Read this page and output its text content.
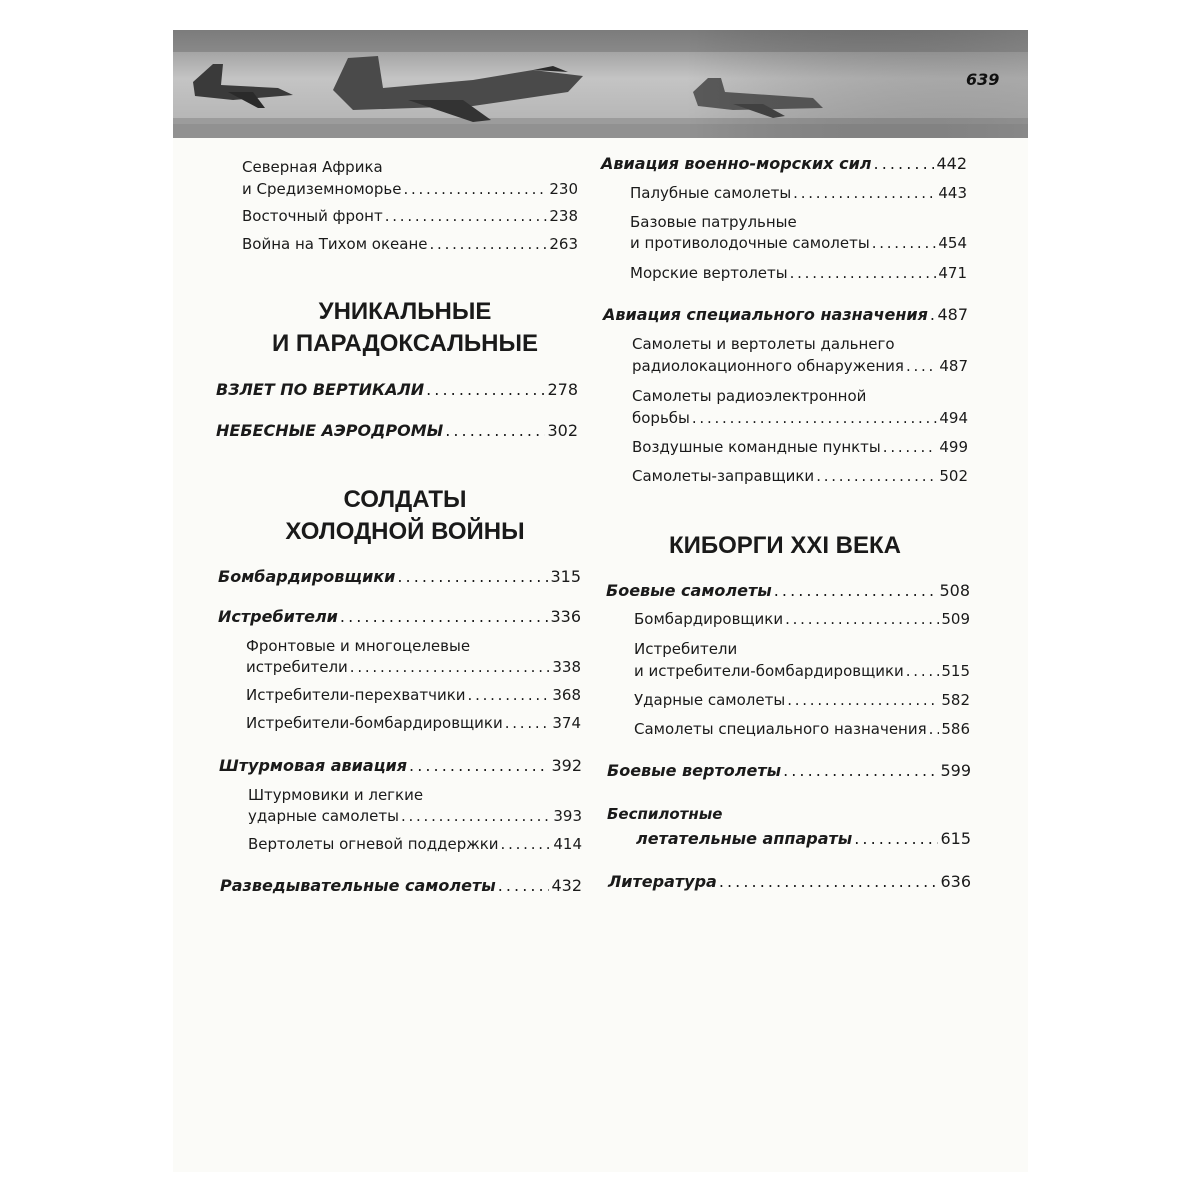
639
Северная Африка
и Средиземноморье . . .	230
Восточный фронт . . .	238
Война на Тихом океане . . .	263
УНИКАЛЬНЫЕ
И ПАРАДОКСАЛЬНЫЕ
ВЗЛЕТ ПО ВЕРТИКАЛИ . . .	278
НЕБЕСНЫЕ АЭРОДРОМЫ . . .	302
СОЛДАТЫ
ХОЛОДНОЙ ВОЙНЫ
Бомбардировщики . . .	315
Истребители . . .	336
Фронтовые и многоцелевые
истребители . . .	338
Истребители-перехватчики . . .	368
Истребители-бомбардировщики . . .	374
Штурмовая авиация . . .	392
Штурмовики и легкие
ударные самолеты . . .	393
Вертолеты огневой поддержки . . .	414
Разведывательные самолеты . . .	432
Авиация военно-морских сил . . .	442
Палубные самолеты . . .	443
Базовые патрульные
и противолодочные самолеты . . .	454
Морские вертолеты . . .	471
Авиация специального назначения . . . 487
Самолеты и вертолеты дальнего
радиолокационного обнаружения . . . 487
Самолеты радиоэлектронной
борьбы . . .	494
Воздушные командные пункты . . .	499
Самолеты-заправщики . . .	502
КИБОРГИ XXI ВЕКА
Боевые самолеты . . .	508
Бомбардировщики . . .	509
Истребители
и истребители-бомбардировщики . . .	515
Ударные самолеты . . .	582
Самолеты специального назначения . . . 586
Боевые вертолеты . . .	599
Беспилотные
летательные аппараты . . .	615
Литература . . .	636
